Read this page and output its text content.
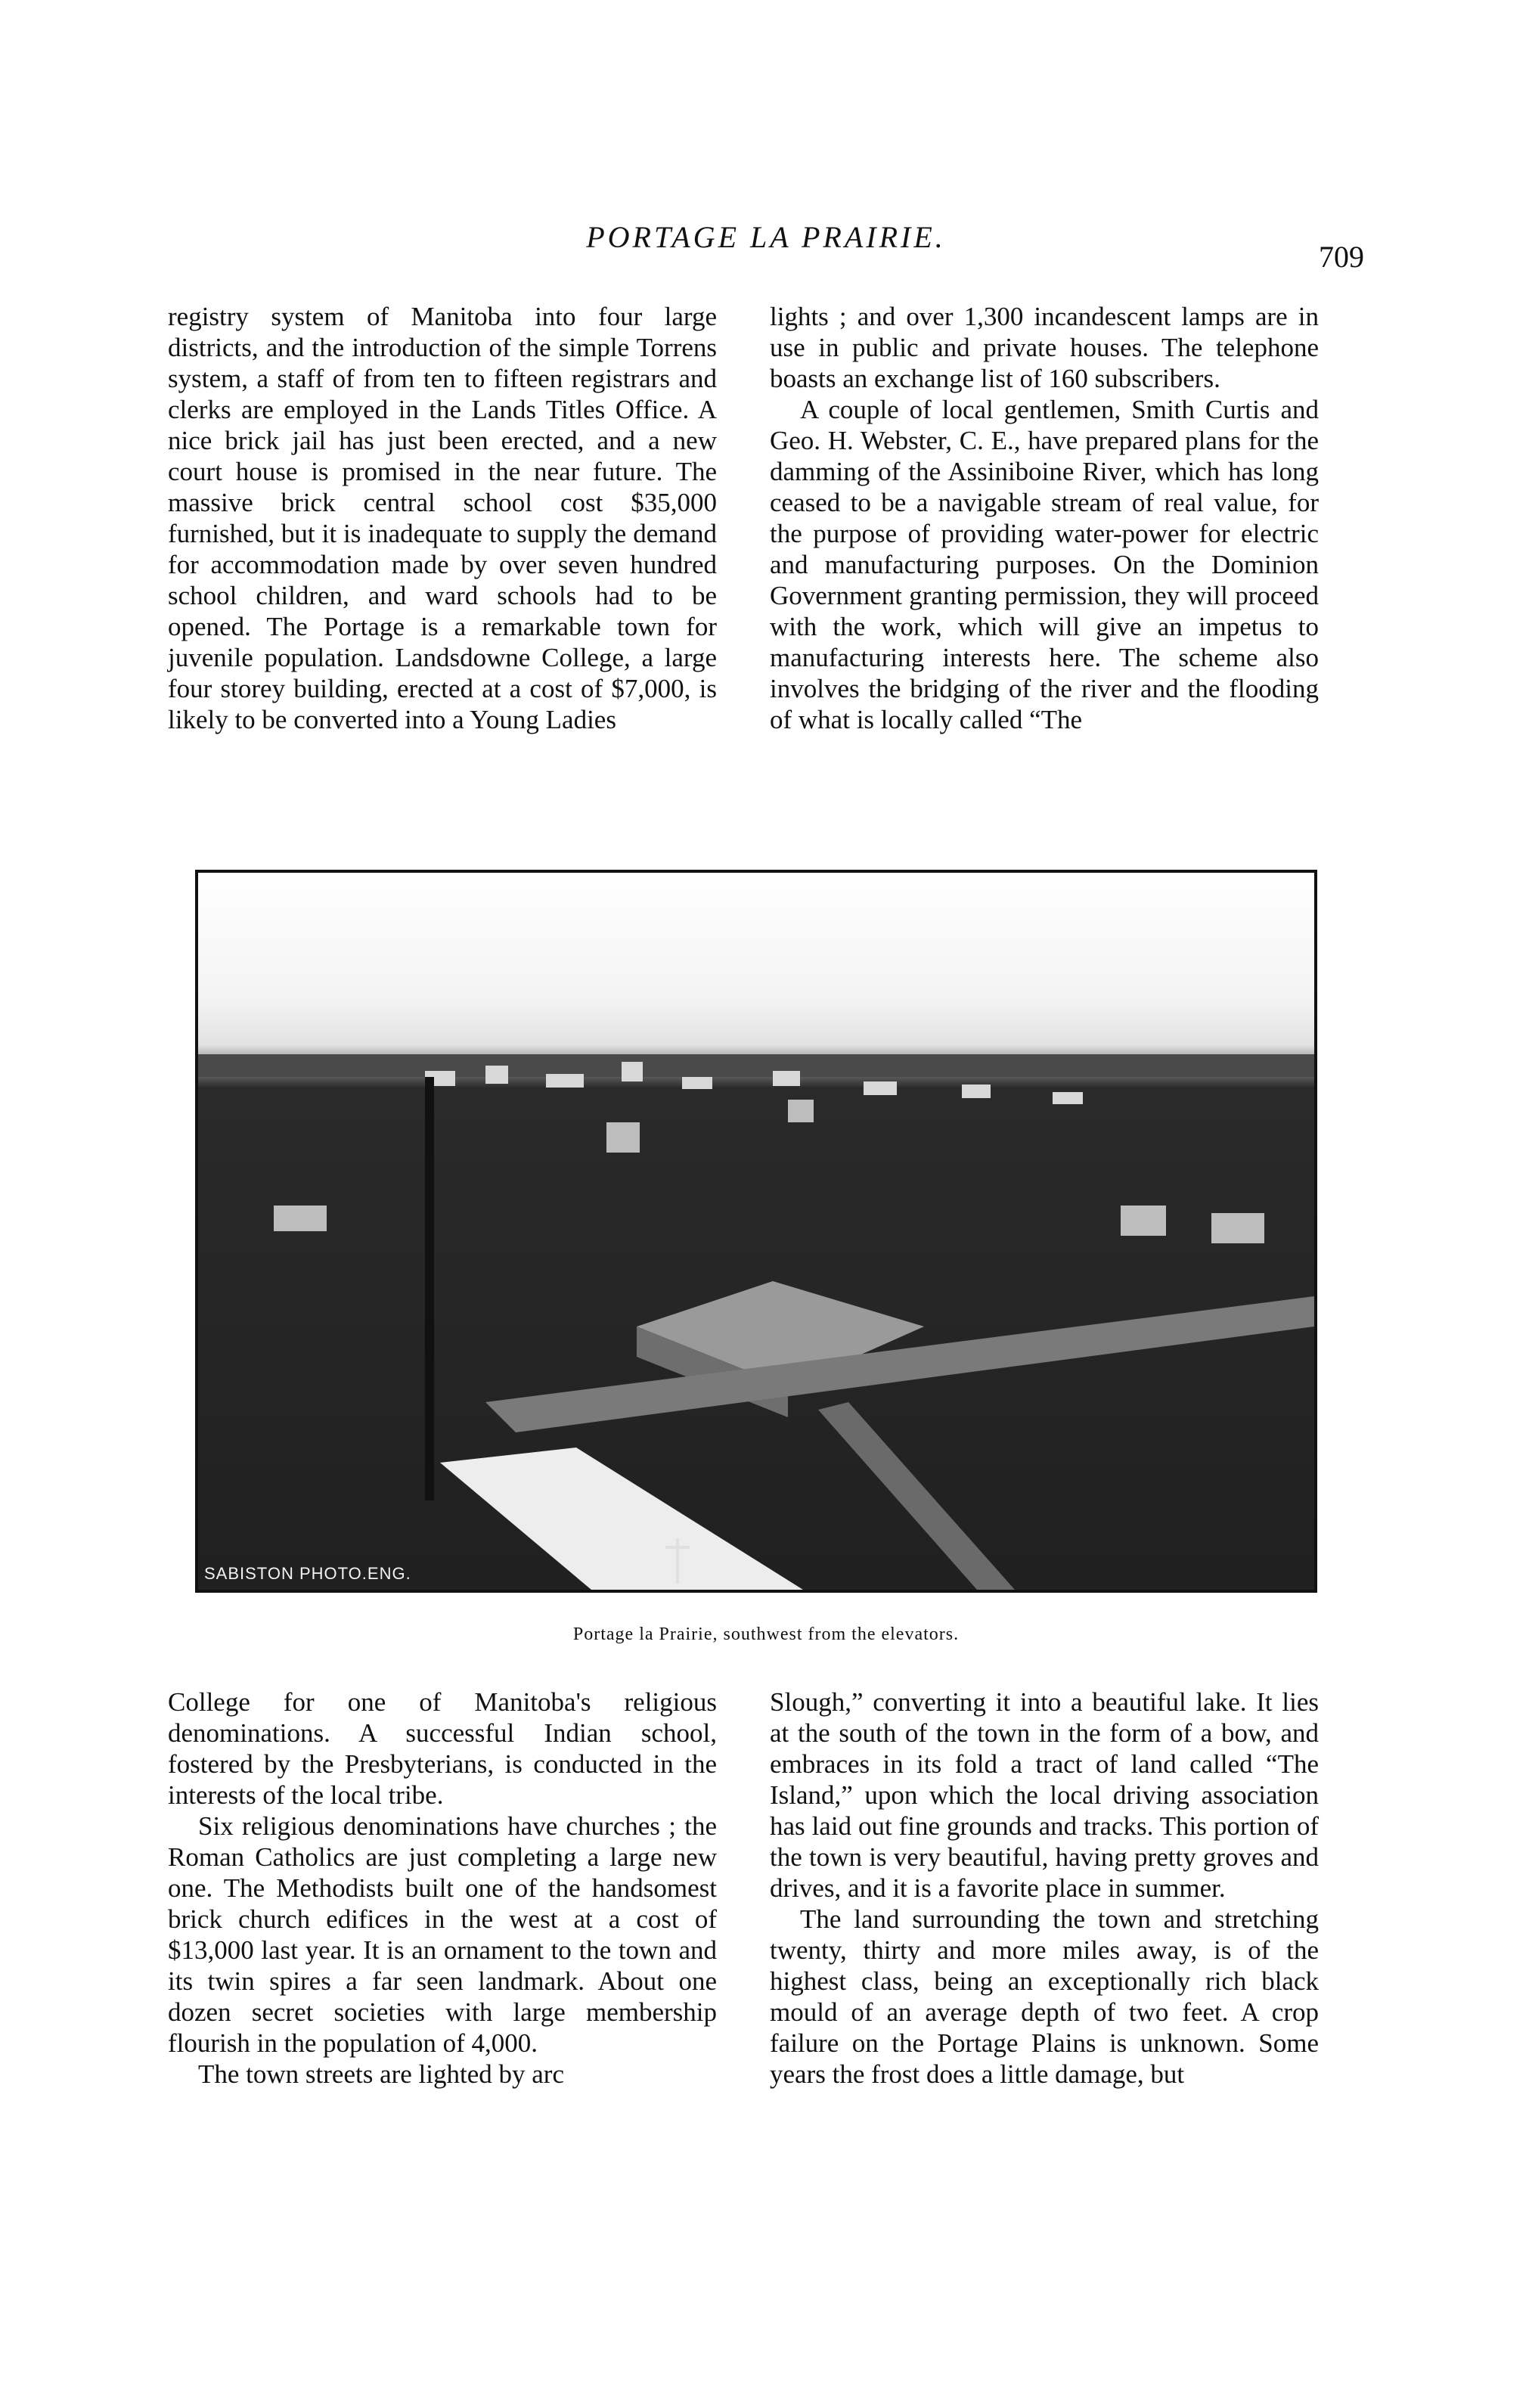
PORTAGE LA PRAIRIE.
709

registry system of Manitoba into four large districts, and the introduction of the simple Torrens system, a staff of from ten to fifteen registrars and clerks are employed in the Lands Titles Office. A nice brick jail has just been erected, and a new court house is promised in the near future. The massive brick central school cost $35,000 furnished, but it is inadequate to supply the demand for accommodation made by over seven hundred school children, and ward schools had to be opened. The Portage is a remarkable town for juvenile population. Landsdowne College, a large four storey building, erected at a cost of $7,000, is likely to be converted into a Young Ladies

lights ; and over 1,300 incandescent lamps are in use in public and private houses. The telephone boasts an exchange list of 160 subscribers.

A couple of local gentlemen, Smith Curtis and Geo. H. Webster, C. E., have prepared plans for the damming of the Assiniboine River, which has long ceased to be a navigable stream of real value, for the purpose of providing water-power for electric and manufacturing purposes. On the Dominion Government granting permission, they will proceed with the work, which will give an impetus to manufacturing interests here. The scheme also involves the bridging of the river and the flooding of what is locally called “The

SABISTON PHOTO.ENG.
Portage la Prairie, southwest from the elevators.

College for one of Manitoba's religious denominations. A successful Indian school, fostered by the Presbyterians, is conducted in the interests of the local tribe.

Six religious denominations have churches ; the Roman Catholics are just completing a large new one. The Methodists built one of the handsomest brick church edifices in the west at a cost of $13,000 last year. It is an ornament to the town and its twin spires a far seen landmark. About one dozen secret societies with large membership flourish in the population of 4,000.

The town streets are lighted by arc

Slough,” converting it into a beautiful lake. It lies at the south of the town in the form of a bow, and embraces in its fold a tract of land called “The Island,” upon which the local driving association has laid out fine grounds and tracks. This portion of the town is very beautiful, having pretty groves and drives, and it is a favorite place in summer.

The land surrounding the town and stretching twenty, thirty and more miles away, is of the highest class, being an exceptionally rich black mould of an average depth of two feet. A crop failure on the Portage Plains is unknown. Some years the frost does a little damage, but
